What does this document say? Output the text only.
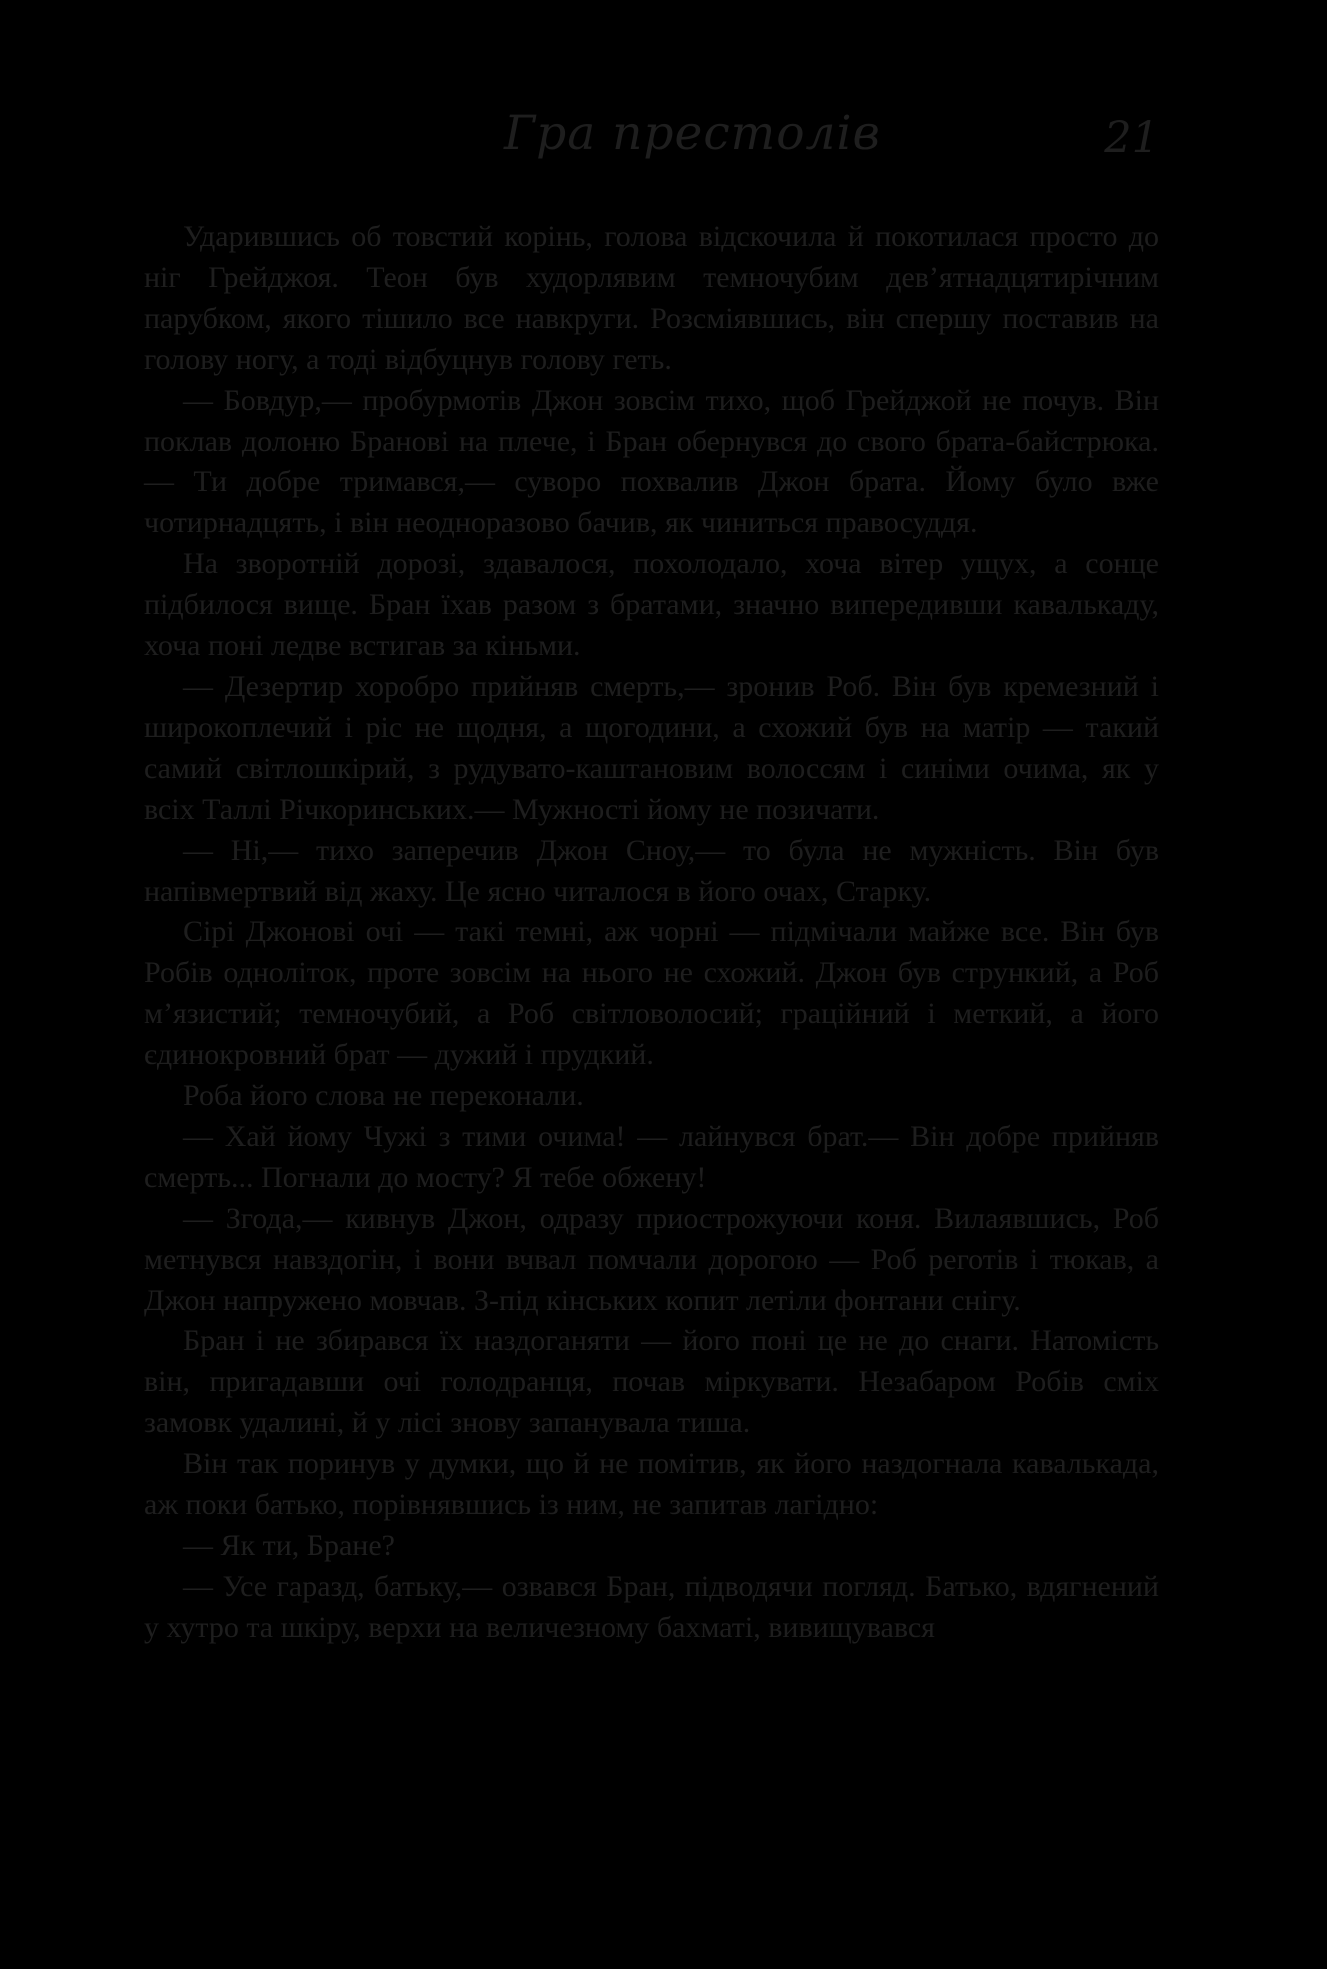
Гра престолів	21

Ударившись об товстий корінь, голова відскочила й покотилася просто до ніг Грейджоя. Теон був худорлявим темночубим дев’ятнадцятирічним парубком, якого тішило все навкруги. Розсміявшись, він спершу поставив на голову ногу, а тоді відбуцнув голову геть.

— Бовдур,— пробурмотів Джон зовсім тихо, щоб Грейджой не почув. Він поклав долоню Бранові на плече, і Бран обернувся до свого брата-байстрюка.— Ти добре тримався,— суворо похвалив Джон брата. Йому було вже чотирнадцять, і він неодноразово бачив, як чиниться правосуддя.

На зворотній дорозі, здавалося, похолодало, хоча вітер ущух, а сонце підбилося вище. Бран їхав разом з братами, значно випередивши кавалькаду, хоча поні ледве встигав за кіньми.

— Дезертир хоробро прийняв смерть,— зронив Роб. Він був кремезний і широкоплечий і ріс не щодня, а щогодини, а схожий був на матір — такий самий світлошкірий, з рудувато-каштановим волоссям і синіми очима, як у всіх Таллі Річкоринських.— Мужності йому не позичати.

— Ні,— тихо заперечив Джон Сноу,— то була не мужність. Він був напівмертвий від жаху. Це ясно читалося в його очах, Старку.

Сірі Джонові очі — такі темні, аж чорні — підмічали майже все. Він був Робів одноліток, проте зовсім на нього не схожий. Джон був стрункий, а Роб м’язистий; темночубий, а Роб світловолосий; граційний і меткий, а його єдинокровний брат — дужий і прудкий.

Роба його слова не переконали.

— Хай йому Чужі з тими очима! — лайнувся брат.— Він добре прийняв смерть... Погнали до мосту? Я тебе обжену!

— Згода,— кивнув Джон, одразу приострожуючи коня. Вилаявшись, Роб метнувся навздогін, і вони вчвал помчали дорогою — Роб реготів і тюкав, а Джон напружено мовчав. З-під кінських копит летіли фонтани снігу.

Бран і не збирався їх наздоганяти — його поні це не до снаги. Натомість він, пригадавши очі голодранця, почав міркувати. Незабаром Робів сміх замовк удалині, й у лісі знову запанувала тиша.

Він так поринув у думки, що й не помітив, як його наздогнала кавалькада, аж поки батько, порівнявшись із ним, не запитав лагідно:

— Як ти, Бране?

— Усе гаразд, батьку,— озвався Бран, підводячи погляд. Батько, вдягнений у хутро та шкіру, верхи на величезному бахматі, вивищувався
